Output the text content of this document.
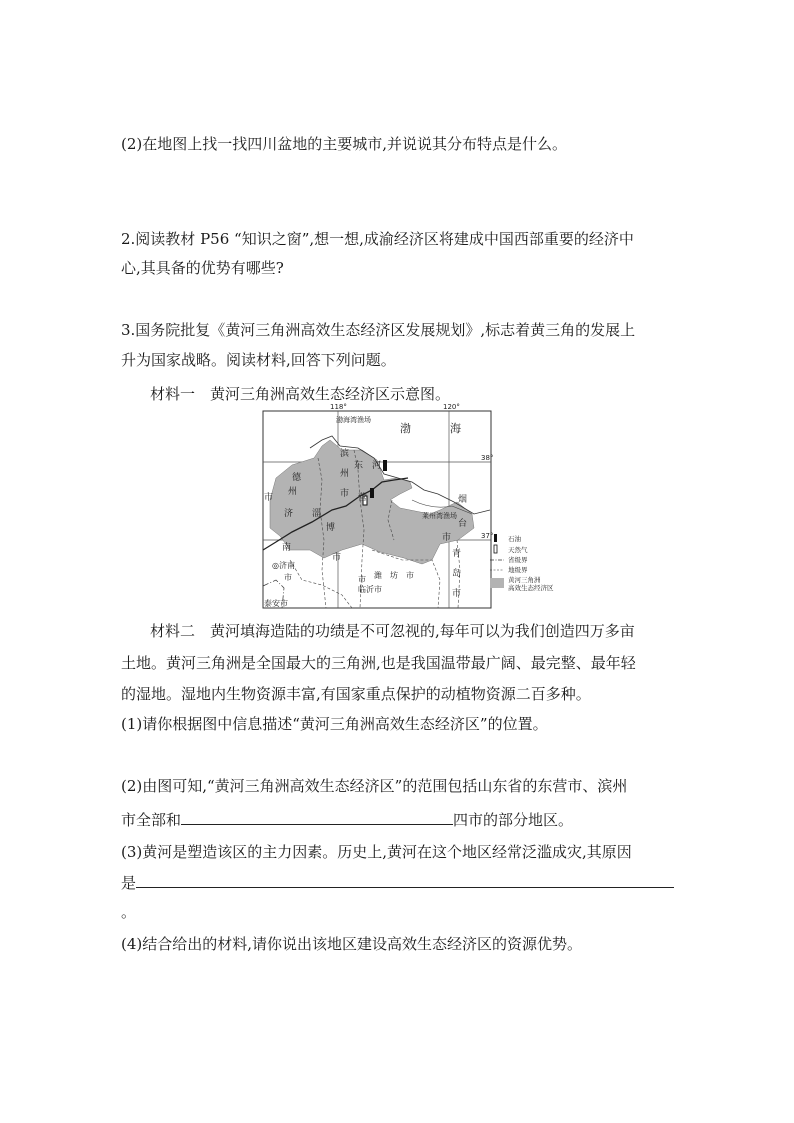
(2)在地图上找一找四川盆地的主要城市,并说说其分布特点是什么。
2.阅读教材 P56 “知识之窗”,想一想,成渝经济区将建成中国西部重要的经济中
心,其具备的优势有哪些?
3.国务院批复《黄河三角洲高效生态经济区发展规划》,标志着黄三角的发展上
升为国家战略。阅读材料,回答下列问题。
材料一　黄河三角洲高效生态经济区示意图。
118°	120°
38°
37°
渤海湾渔场
渤	海
莱州湾渔场
滨
州
市
东 河
营
德
州
市
济
南
淄
博
市
◎济南
市
泰安市
临沂市
潍　坊　市
市
烟
台
市
青
岛
市
石油
天然气
省级界
地级界
黄河三角洲
高效生态经济区
材料二　黄河填海造陆的功绩是不可忽视的,每年可以为我们创造四万多亩
土地。黄河三角洲是全国最大的三角洲,也是我国温带最广阔、最完整、最年轻
的湿地。湿地内生物资源丰富,有国家重点保护的动植物资源二百多种。
(1)请你根据图中信息描述“黄河三角洲高效生态经济区”的位置。
(2)由图可知,“黄河三角洲高效生态经济区”的范围包括山东省的东营市、滨州
市全部和	四市的部分地区。
(3)黄河是塑造该区的主力因素。历史上,黄河在这个地区经常泛滥成灾,其原因
是
。
(4)结合给出的材料,请你说出该地区建设高效生态经济区的资源优势。
